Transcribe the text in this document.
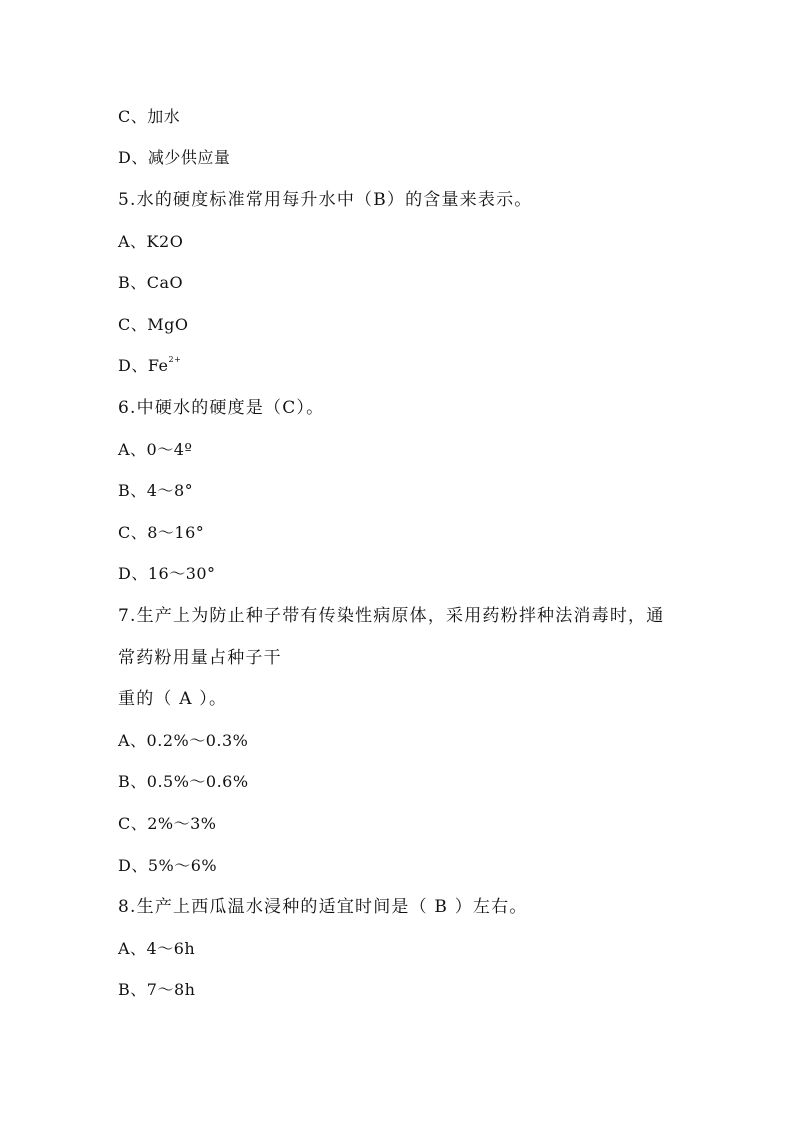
C、加水
D、减少供应量
5.水的硬度标准常用每升水中（B）的含量来表示。
A、K2O
B、CaO
C、MgO
D、$Fe^{2+}$
6.中硬水的硬度是（C）。
A、0～4º
B、4～8°
C、8～16°
D、16～30°
7.生产上为防止种子带有传染性病原体，采用药粉拌种法消毒时，通
常药粉用量占种子干
重的（ A ）。
A、0.2%～0.3%
B、0.5%～0.6%
C、2%～3%
D、5%～6%
8.生产上西瓜温水浸种的适宜时间是（ B ）左右。
A、4～6h
B、7～8h
